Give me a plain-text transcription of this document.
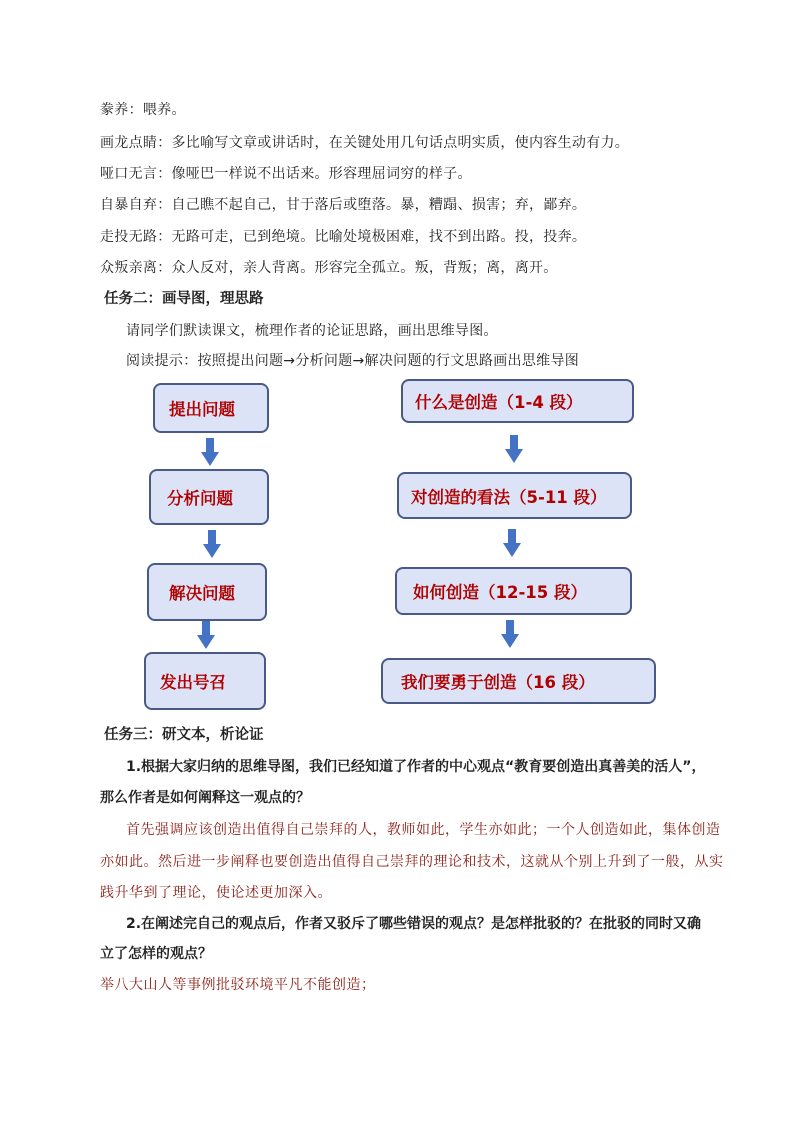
豢养：喂养。
画龙点睛：多比喻写文章或讲话时，在关键处用几句话点明实质，使内容生动有力。
哑口无言：像哑巴一样说不出话来。形容理屈词穷的样子。
自暴自弃：自己瞧不起自己，甘于落后或堕落。暴，糟蹋、损害；弃，鄙弃。
走投无路：无路可走，已到绝境。比喻处境极困难，找不到出路。投，投奔。
众叛亲离：众人反对，亲人背离。形容完全孤立。叛，背叛；离，离开。
任务二：画导图，理思路
请同学们默读课文，梳理作者的论证思路，画出思维导图。
阅读提示：按照提出问题→分析问题→解决问题的行文思路画出思维导图
提出问题
分析问题
解决问题
发出号召
什么是创造（1-4 段）
对创造的看法（5-11 段）
如何创造（12-15 段）
我们要勇于创造（16 段）
任务三：研文本，析论证
1.根据大家归纳的思维导图，我们已经知道了作者的中心观点“教育要创造出真善美的活人”，
那么作者是如何阐释这一观点的？
首先强调应该创造出值得自己崇拜的人，教师如此，学生亦如此；一个人创造如此，集体创造
亦如此。然后进一步阐释也要创造出值得自己崇拜的理论和技术，这就从个别上升到了一般，从实
践升华到了理论，使论述更加深入。
2.在阐述完自己的观点后，作者又驳斥了哪些错误的观点？是怎样批驳的？在批驳的同时又确
立了怎样的观点？
举八大山人等事例批驳环境平凡不能创造；
